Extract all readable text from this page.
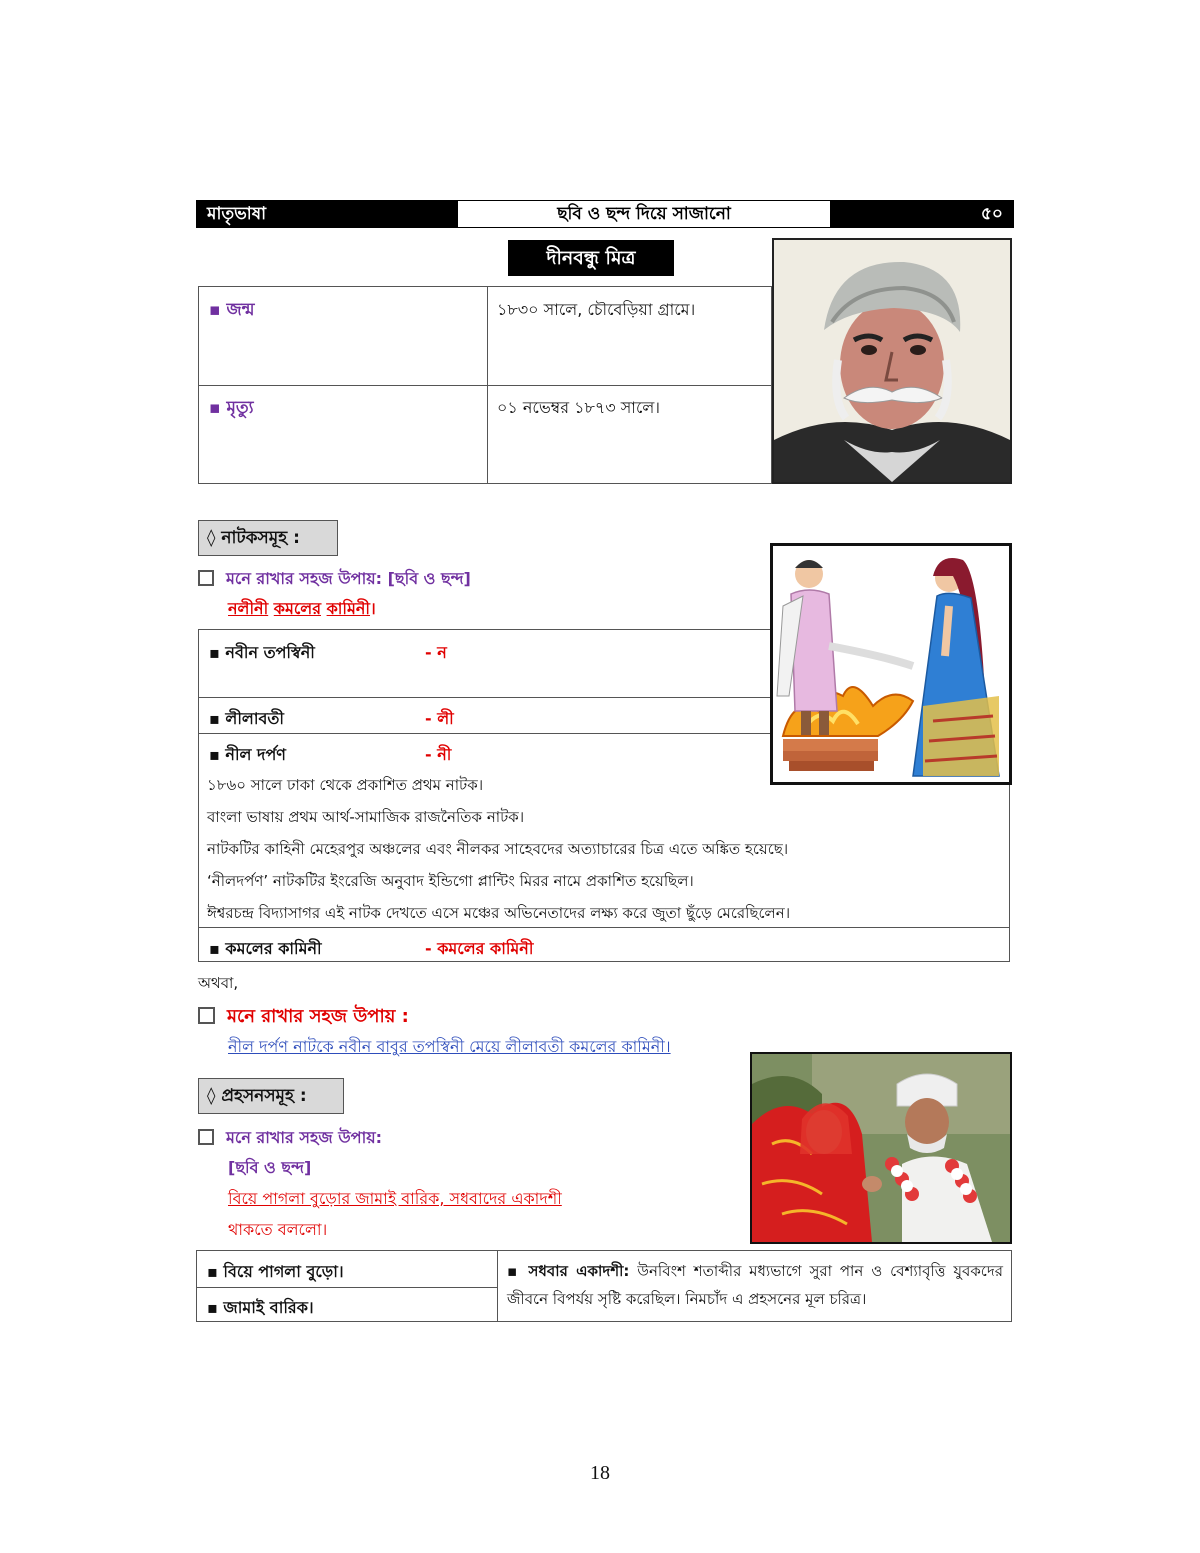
মাতৃভাষা	ছবি ও ছন্দ দিয়ে সাজানো	৫০
দীনবন্ধু মিত্র
▪ জন্ম	১৮৩০ সালে, চৌবেড়িয়া গ্রামে।
▪ মৃত্যু	০১ নভেম্বর ১৮৭৩ সালে।
◊ নাটকসমূহ :
মনে রাখার সহজ উপায়: [ছবি ও ছন্দ]
নলীনী কমলের কামিনী।
▪ নবীন তপস্বিনী	- ন
▪ লীলাবতী	- লী
▪ নীল দর্পণ	- নী
১৮৬০ সালে ঢাকা থেকে প্রকাশিত প্রথম নাটক।
বাংলা ভাষায় প্রথম আর্থ-সামাজিক রাজনৈতিক নাটক।
নাটকটির কাহিনী মেহেরপুর অঞ্চলের এবং নীলকর সাহেবদের অত্যাচারের চিত্র এতে অঙ্কিত হয়েছে।
‘নীলদর্পণ’ নাটকটির ইংরেজি অনুবাদ ইন্ডিগো প্লান্টিং মিরর নামে প্রকাশিত হয়েছিল।
ঈশ্বরচন্দ্র বিদ্যাসাগর এই নাটক দেখতে এসে মঞ্চের অভিনেতাদের লক্ষ্য করে জুতা ছুঁড়ে মেরেছিলেন।
▪ কমলের কামিনী	- কমলের কামিনী
অথবা,
মনে রাখার সহজ উপায় :
নীল দর্পণ নাটকে নবীন বাবুর তপস্বিনী মেয়ে লীলাবতী কমলের কামিনী।
◊ প্রহসনসমূহ :
মনে রাখার সহজ উপায়:
[ছবি ও ছন্দ]
বিয়ে পাগলা বুড়োর জামাই বারিক, সধবাদের একাদশী
থাকতে বললো।
▪ বিয়ে পাগলা বুড়ো।
▪ জামাই বারিক।
▪ সধবার একাদশী: উনবিংশ শতাব্দীর মধ্যভাগে সুরা পান ও বেশ্যাবৃত্তি যুবকদের জীবনে বিপর্যয় সৃষ্টি করেছিল। নিমচাঁদ এ প্রহসনের মূল চরিত্র।
18
